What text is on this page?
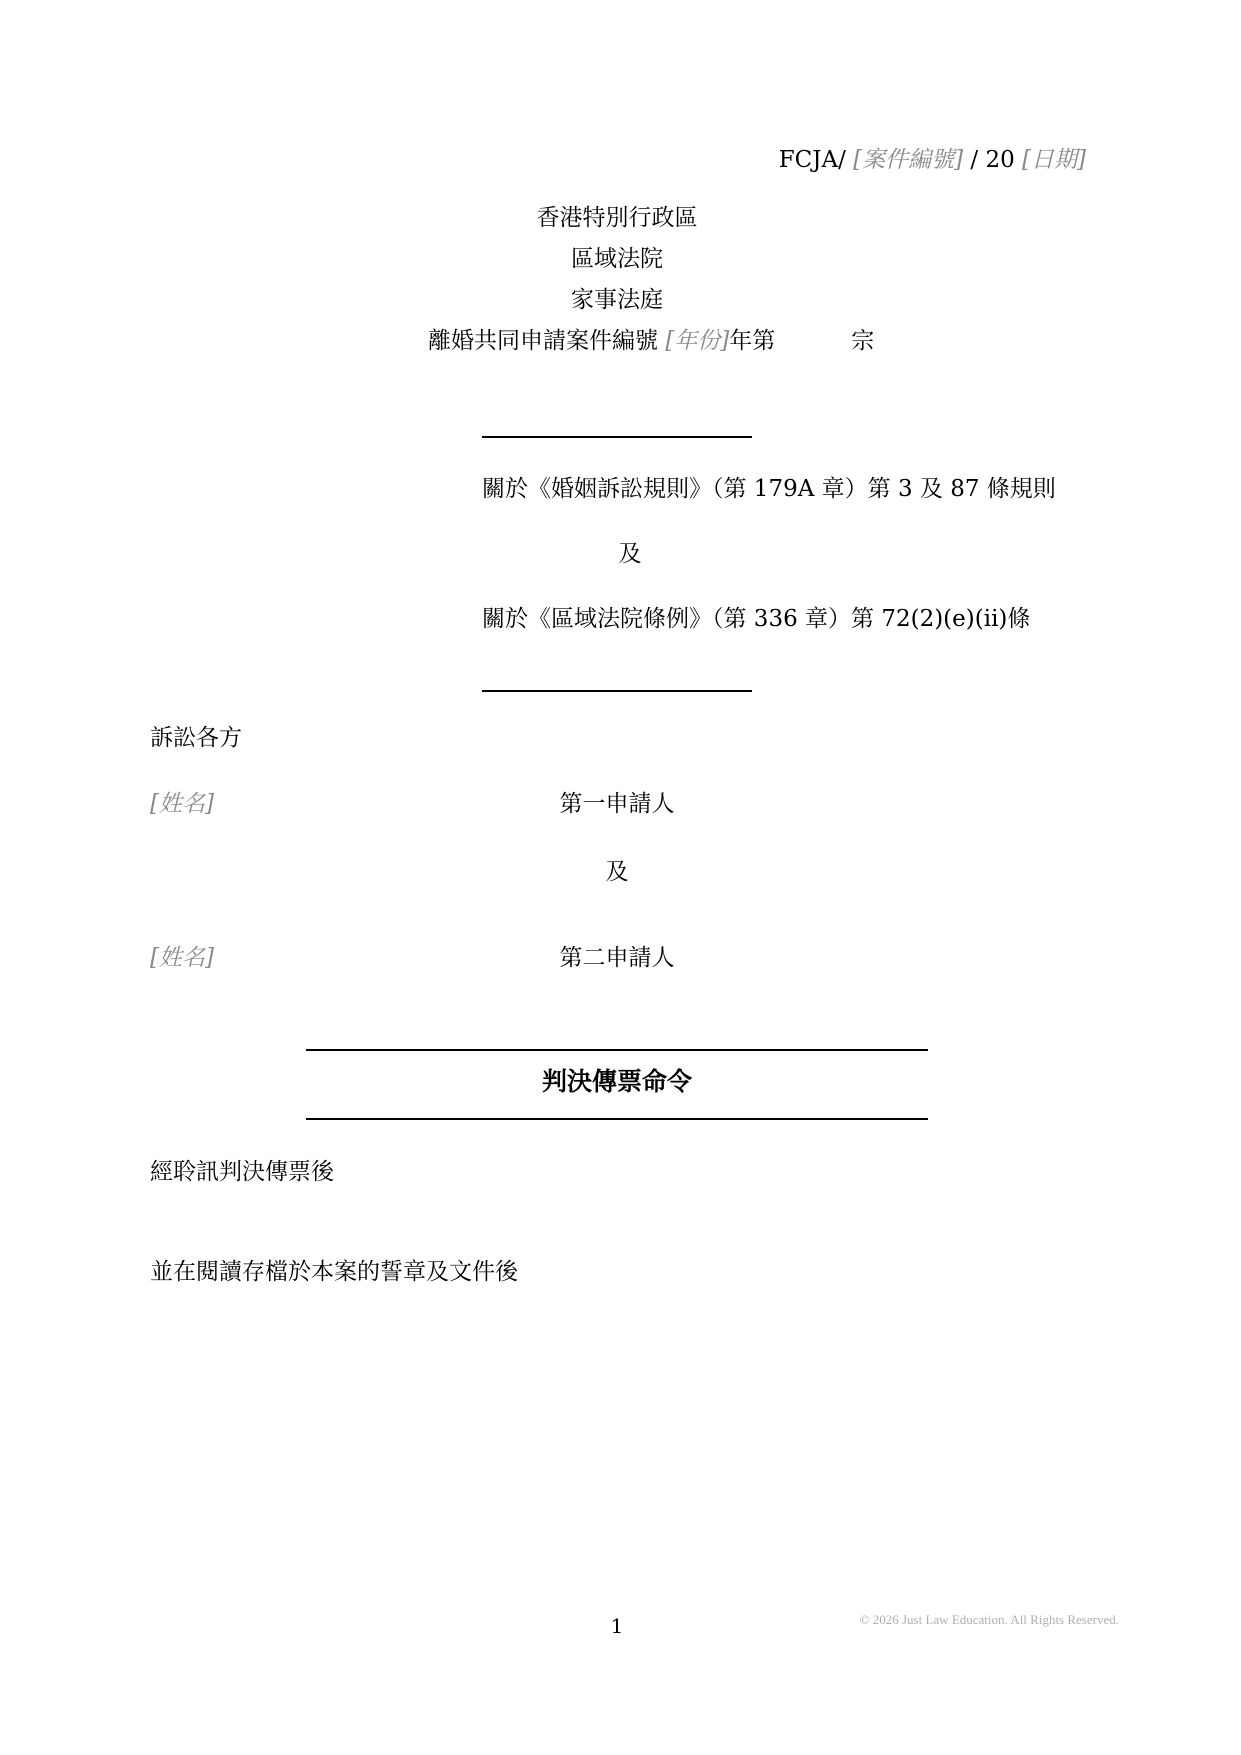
FCJA/ [案件編號] / 20 [日期]
香港特別行政區
區域法院
家事法庭
離婚共同申請案件編號 [年份]年第	宗
關於《婚姻訴訟規則》（第 179A 章）第 3 及 87 條規則
及
關於《區域法院條例》（第 336 章）第 72(2)(e)(ii)條
訴訟各方
[姓名]	第一申請人
及
[姓名]	第二申請人
判決傳票命令
經聆訊判決傳票後
並在閱讀存檔於本案的誓章及文件後
1	© 2026 Just Law Education. All Rights Reserved.
